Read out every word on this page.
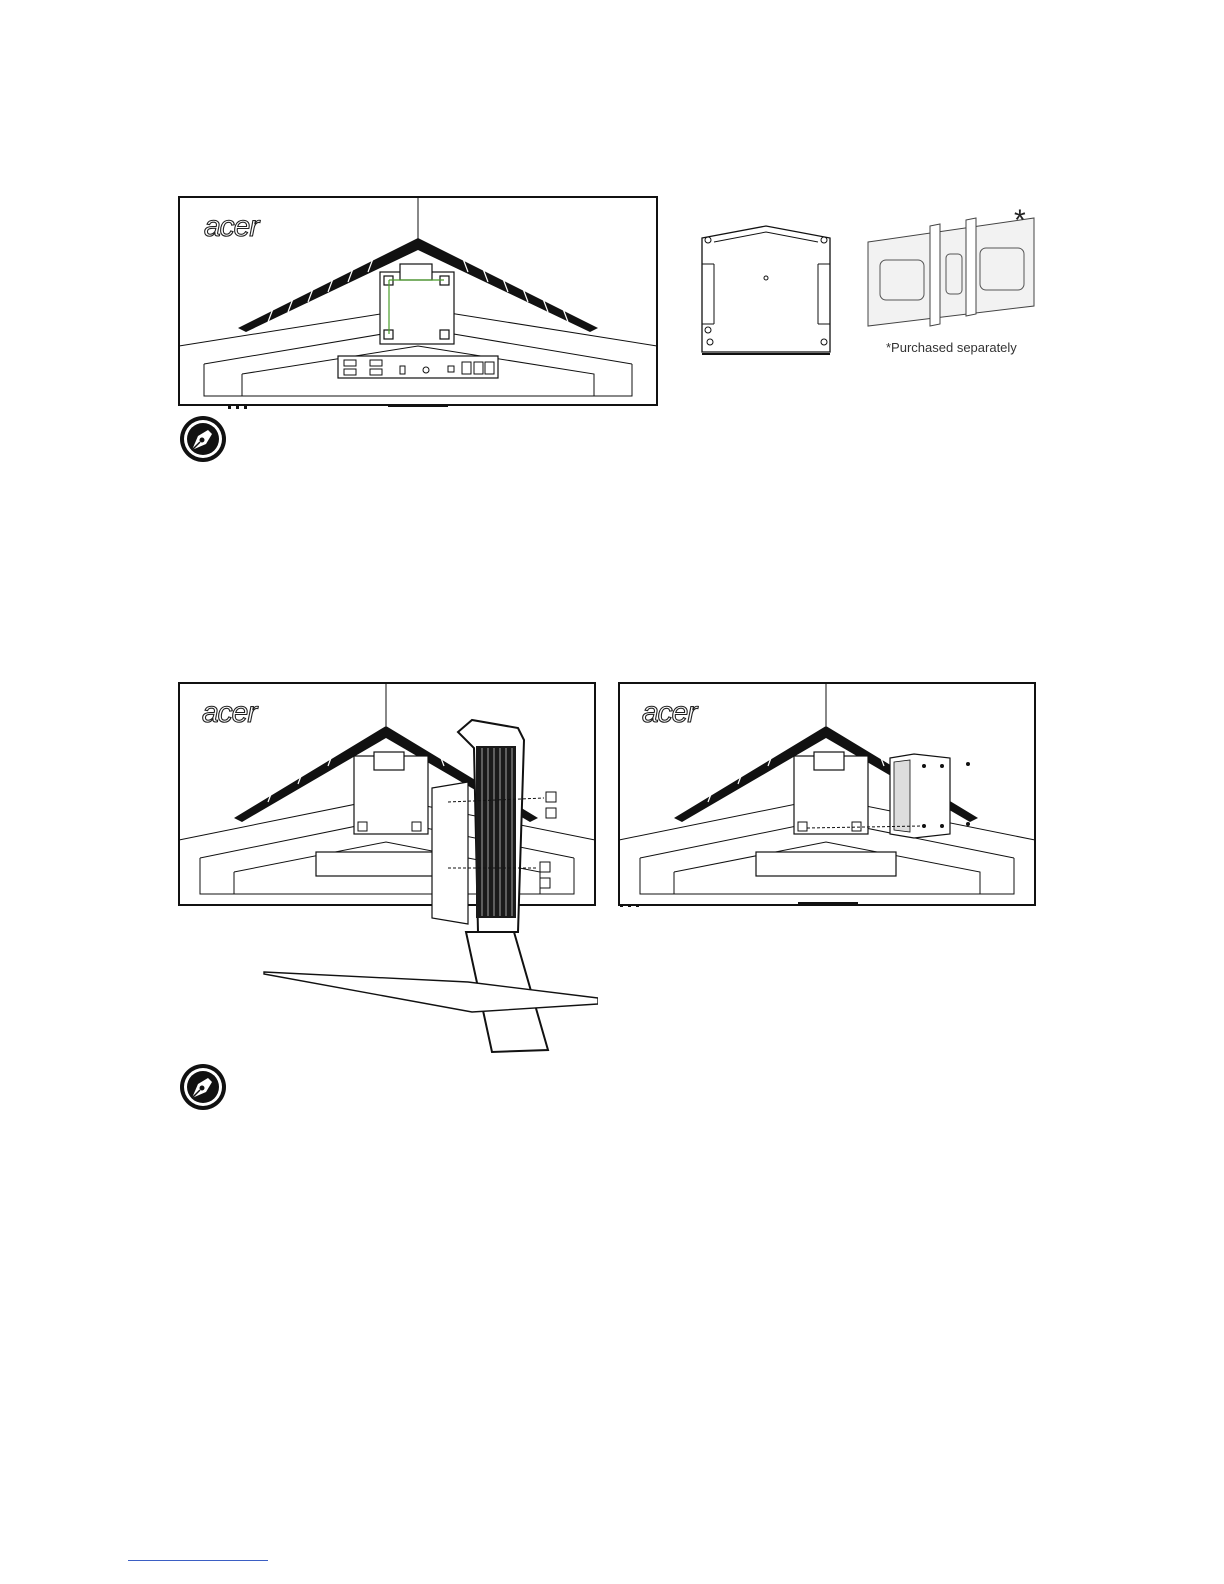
acer	*
*Purchased separately
acer	acer
